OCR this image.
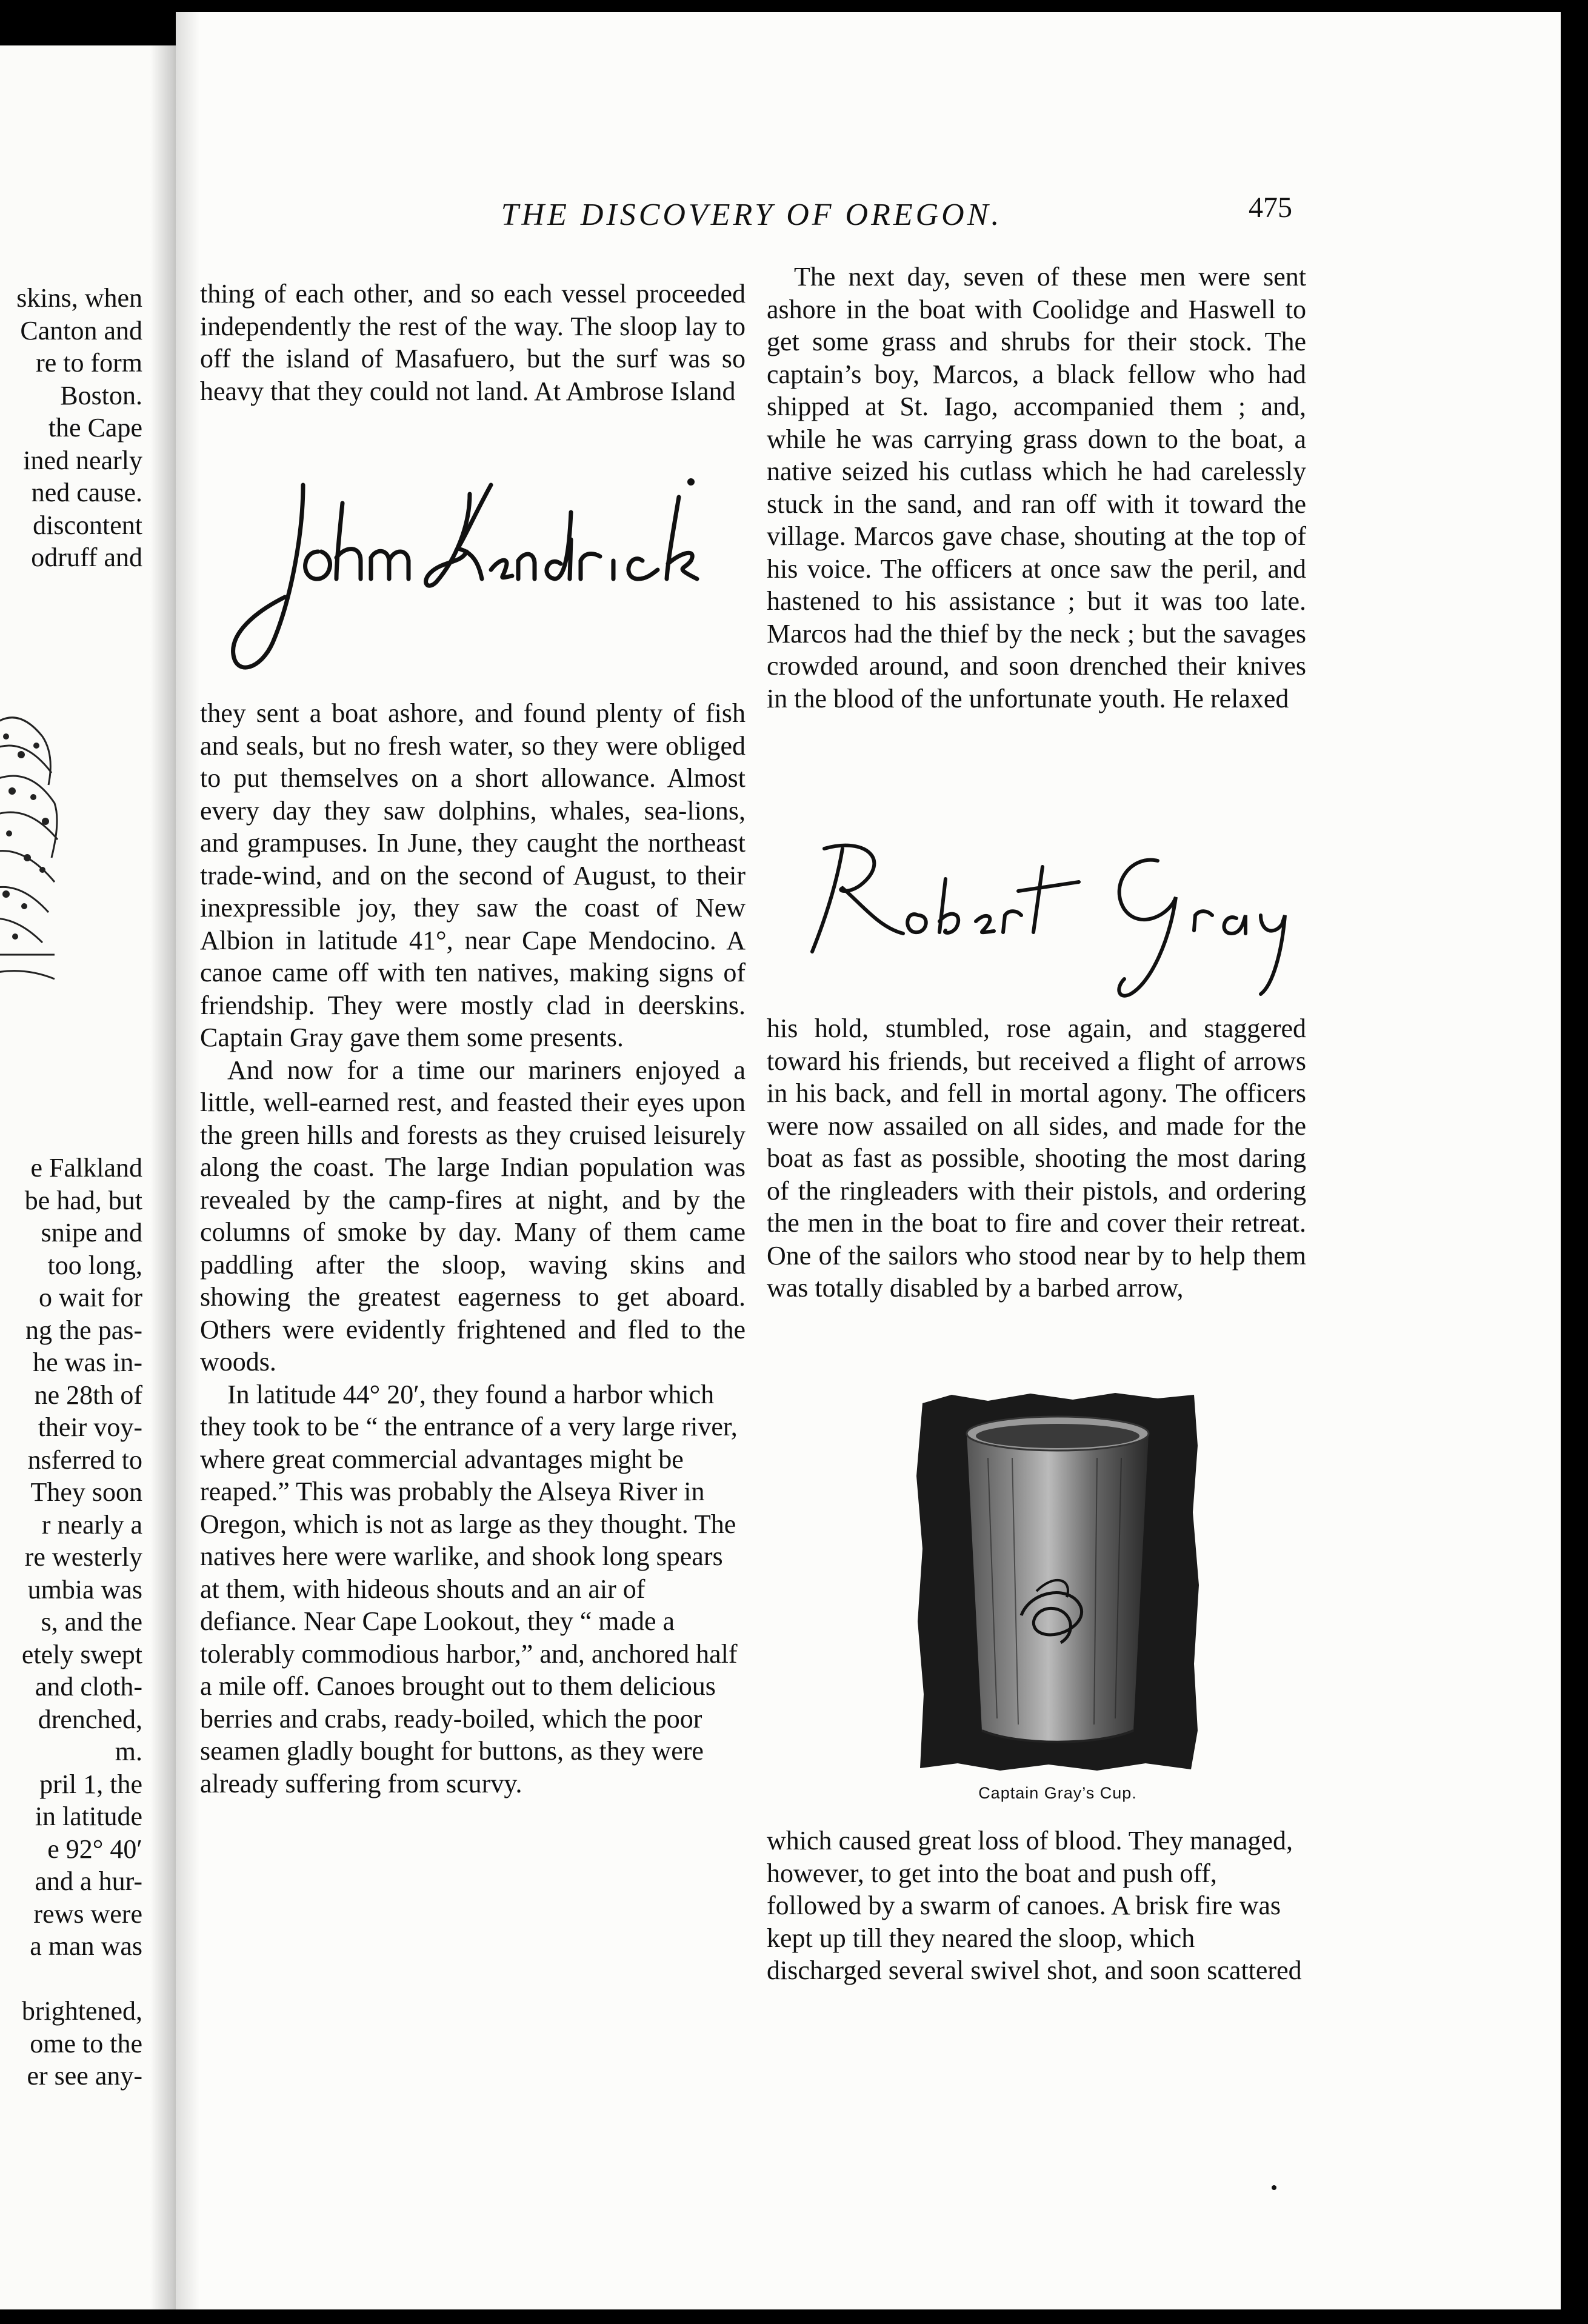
skins, when
Canton and
re to form
Boston.
the Cape
ined nearly
ned cause.
discontent
odruff and
e Falkland
be had, but
snipe and
too long,
o wait for
ng the pas-
he was in-
ne 28th of
their voy-
nsferred to
They soon
r nearly a
re westerly
umbia was
s, and the
etely swept
and cloth-
drenched,
m.
pril 1, the
in latitude
e 92° 40′
and a hur-
rews were
a man was

brightened,
ome to the
er see any-
THE DISCOVERY OF OREGON.	475

thing of each other, and so each vessel proceeded independently the rest of the way. The sloop lay to off the island of Masafuero, but the surf was so heavy that they could not land. At Ambrose Island

they sent a boat ashore, and found plenty of fish and seals, but no fresh water, so they were obliged to put themselves on a short allowance. Almost every day they saw dolphins, whales, sea-lions, and grampuses. In June, they caught the northeast trade-wind, and on the second of August, to their inexpressible joy, they saw the coast of New Albion in latitude 41°, near Cape Mendocino. A canoe came off with ten natives, making signs of friendship. They were mostly clad in deerskins. Captain Gray gave them some presents.

And now for a time our mariners enjoyed a little, well-earned rest, and feasted their eyes upon the green hills and forests as they cruised leisurely along the coast. The large Indian population was revealed by the camp-fires at night, and by the columns of smoke by day. Many of them came paddling after the sloop, waving skins and showing the greatest eagerness to get aboard. Others were evidently frightened and fled to the woods.

In latitude 44° 20′, they found a harbor which they took to be “ the entrance of a very large river, where great commercial advantages might be reaped.” This was probably the Alseya River in Oregon, which is not as large as they thought. The natives here were warlike, and shook long spears at them, with hideous shouts and an air of defiance. Near Cape Lookout, they “ made a tolerably commodious harbor,” and, anchored half a mile off. Canoes brought out to them delicious berries and crabs, ready-boiled, which the poor seamen gladly bought for buttons, as they were already suffering from scurvy.

The next day, seven of these men were sent ashore in the boat with Coolidge and Haswell to get some grass and shrubs for their stock. The captain’s boy, Marcos, a black fellow who had shipped at St. Iago, accompanied them ; and, while he was carrying grass down to the boat, a native seized his cutlass which he had carelessly stuck in the sand, and ran off with it toward the village. Marcos gave chase, shouting at the top of his voice. The officers at once saw the peril, and hastened to his assistance ; but it was too late. Marcos had the thief by the neck ; but the savages crowded around, and soon drenched their knives in the blood of the unfortunate youth. He relaxed

his hold, stumbled, rose again, and staggered toward his friends, but received a flight of arrows in his back, and fell in mortal agony. The officers were now assailed on all sides, and made for the boat as fast as possible, shooting the most daring of the ringleaders with their pistols, and ordering the men in the boat to fire and cover their retreat. One of the sailors who stood near by to help them was totally disabled by a barbed arrow,

Captain Gray’s Cup.

which caused great loss of blood. They managed, however, to get into the boat and push off, followed by a swarm of canoes. A brisk fire was kept up till they neared the sloop, which discharged several swivel shot, and soon scattered
